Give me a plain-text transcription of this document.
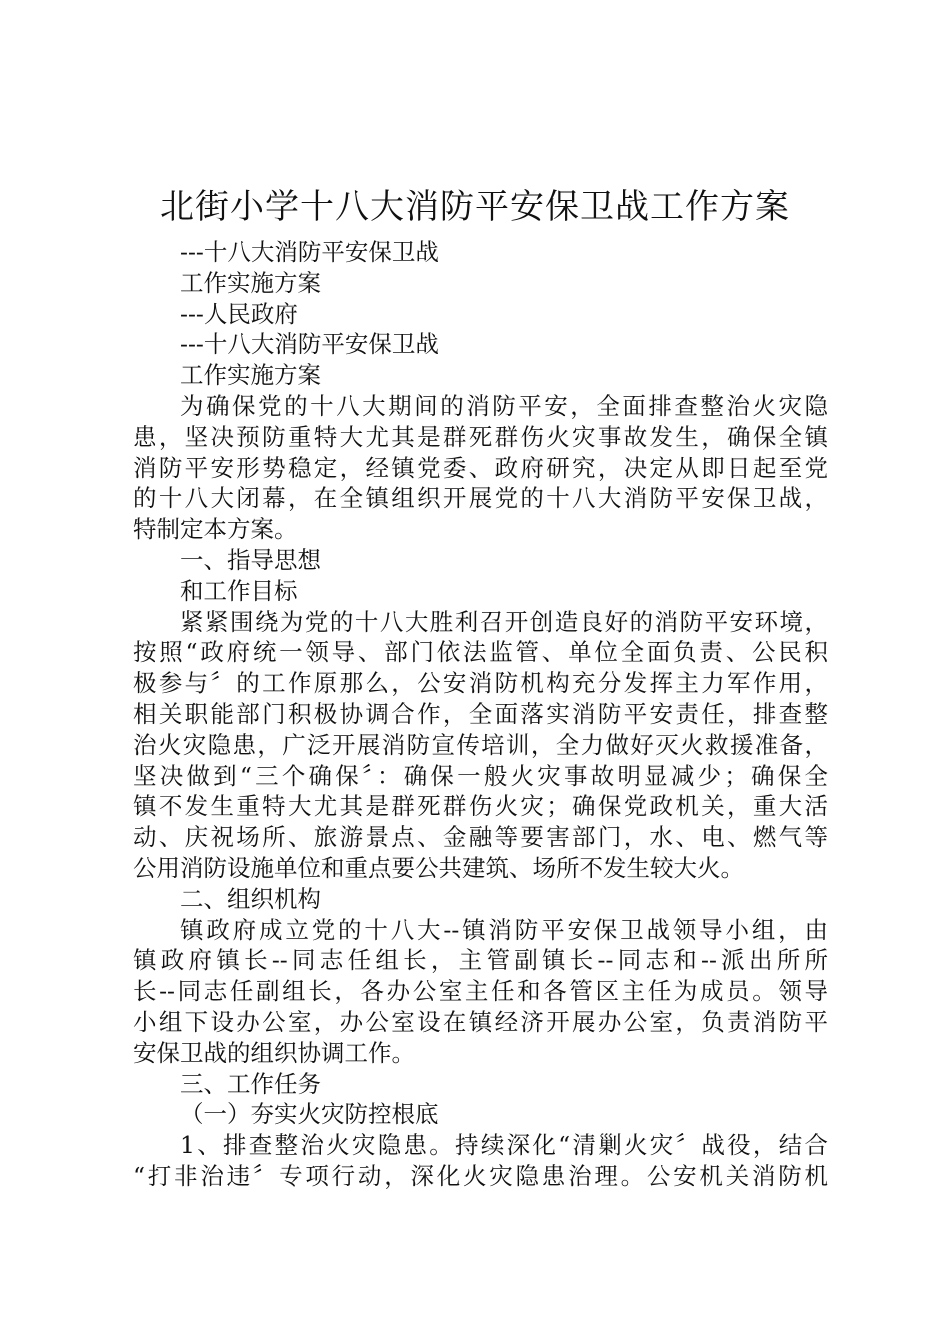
北街小学十八大消防平安保卫战工作方案
---十八大消防平安保卫战
工作实施方案
---人民政府
---十八大消防平安保卫战
工作实施方案
为确保党的十八大期间的消防平安，全面排查整治火灾隐
患，坚决预防重特大尤其是群死群伤火灾事故发生，确保全镇
消防平安形势稳定，经镇党委、政府研究，决定从即日起至党
的十八大闭幕，在全镇组织开展党的十八大消防平安保卫战，
特制定本方案。
一、指导思想
和工作目标
紧紧围绕为党的十八大胜利召开创造良好的消防平安环境，
按照“政府统一领导、部门依法监管、单位全面负责、公民积
极参与〞的工作原那么，公安消防机构充分发挥主力军作用，
相关职能部门积极协调合作，全面落实消防平安责任，排查整
治火灾隐患，广泛开展消防宣传培训，全力做好灭火救援准备，
坚决做到“三个确保〞：确保一般火灾事故明显减少；确保全
镇不发生重特大尤其是群死群伤火灾；确保党政机关，重大活
动、庆祝场所、旅游景点、金融等要害部门，水、电、燃气等
公用消防设施单位和重点要公共建筑、场所不发生较大火。
二、组织机构
镇政府成立党的十八大--镇消防平安保卫战领导小组，由
镇政府镇长--同志任组长，主管副镇长--同志和--派出所所
长--同志任副组长，各办公室主任和各管区主任为成员。领导
小组下设办公室，办公室设在镇经济开展办公室，负责消防平
安保卫战的组织协调工作。
三、工作任务
（一）夯实火灾防控根底
1、排查整治火灾隐患。持续深化“清剿火灾〞战役，结合
“打非治违〞专项行动，深化火灾隐患治理。公安机关消防机
